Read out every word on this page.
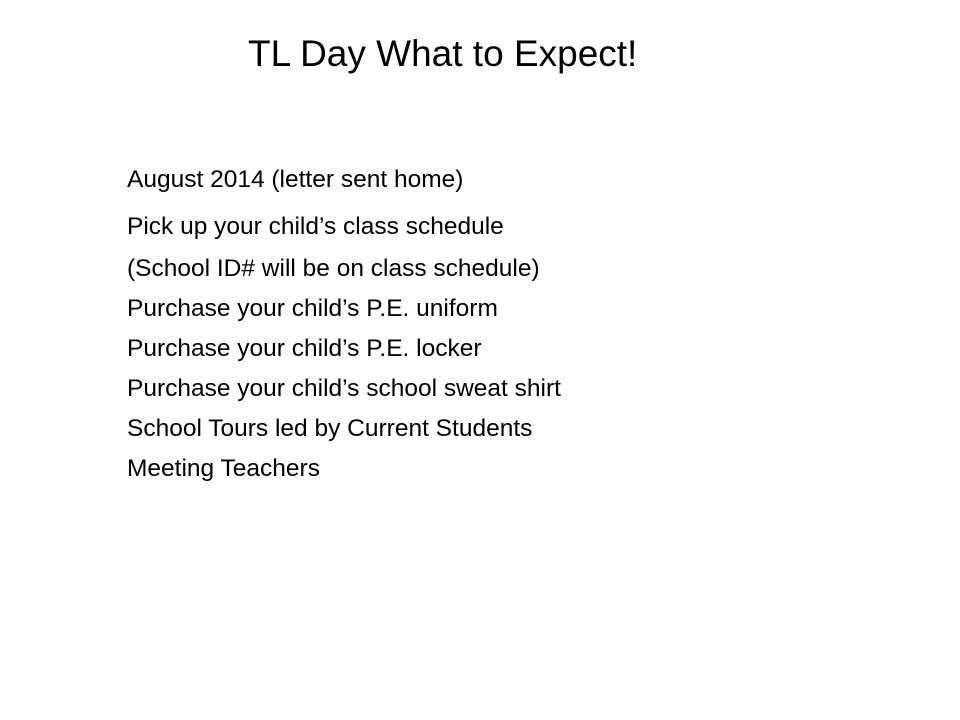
TL Day What to Expect!
August 2014 (letter sent home)
Pick up your child’s class schedule
(School ID# will be on class schedule)
Purchase your child’s P.E. uniform
Purchase your child’s P.E. locker
Purchase your child’s school sweat shirt
School Tours led by Current Students
Meeting Teachers
